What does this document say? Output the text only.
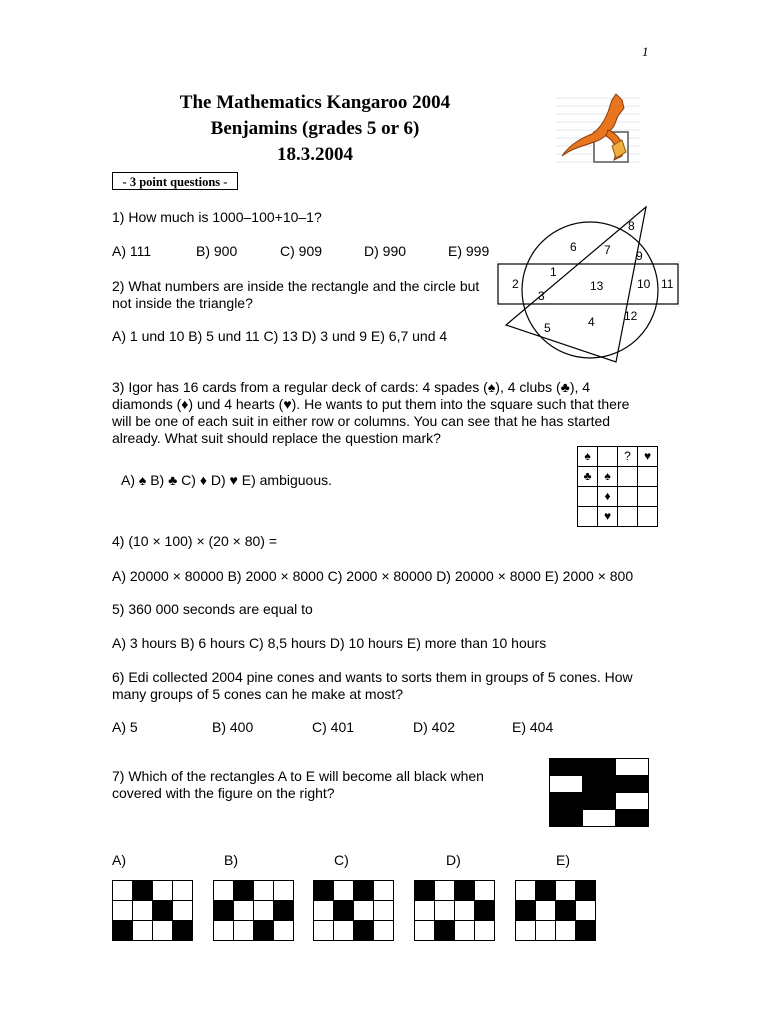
1
The Mathematics Kangaroo 2004
Benjamins (grades 5 or 6)
18.3.2004
- 3 point questions -
1) How much is 1000–100+10–1?
A) 111	B) 900	C) 909	D) 990	E) 999
2) What numbers are inside the rectangle and the circle but
not inside the triangle?
A) 1 und 10 B) 5 und 11 C) 13 D) 3 und 9 E) 6,7 und 4
2
1
3
6 7
8
9
13	10 11
4 12
5
3) Igor has 16 cards from a regular deck of cards: 4 spades (♠), 4 clubs (♣), 4
diamonds (♦) und 4 hearts (♥). He wants to put them into the square such that there
will be one of each suit in either row or columns. You can see that he has started
already. What suit should replace the question mark?
A) ♠ B) ♣ C) ♦ D) ♥ E) ambiguous.
♠		?	♥
♣	♠		
	♦		
	♥		
4) (10 × 100) × (20 × 80) =
A) 20000 × 80000 B) 2000 × 8000 C) 2000 × 80000 D) 20000 × 8000 E) 2000 × 800
5) 360 000 seconds are equal to
A) 3 hours B) 6 hours C) 8,5 hours D) 10 hours E) more than 10 hours
6) Edi collected 2004 pine cones and wants to sorts them in groups of 5 cones. How
many groups of 5 cones can he make at most?
A) 5	B) 400	C) 401	D) 402	E) 404
7) Which of the rectangles A to E will become all black when
covered with the figure on the right?

A)	B)	C)	D)	E)
